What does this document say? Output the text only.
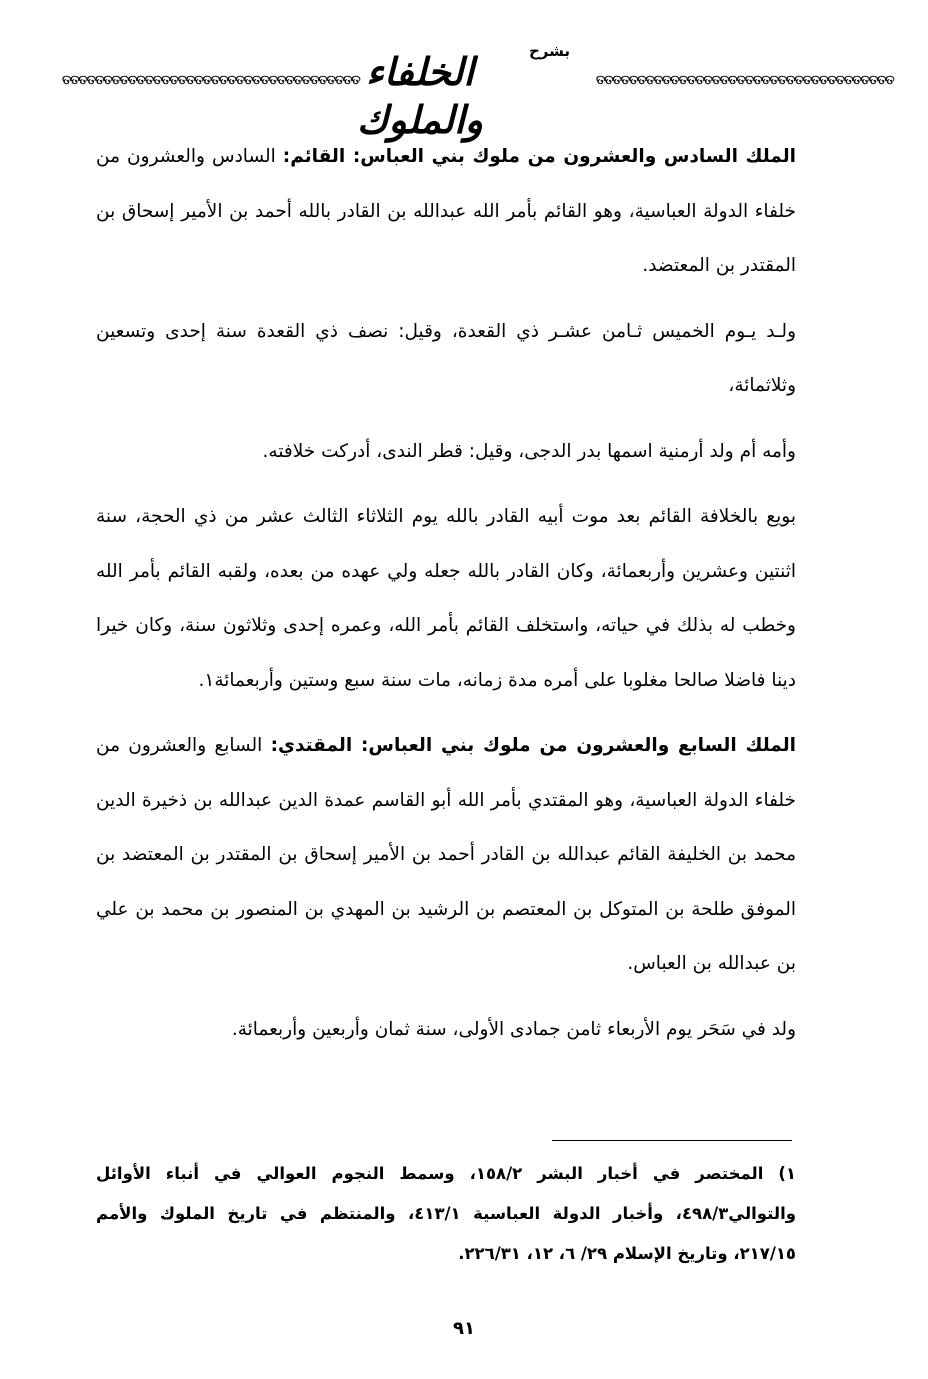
ତତତତତତତତତତତତତତତତତତତତତତତତତତତତତତତତତତତତ
بشرح
الخلفاء والملوك
ତତତତତତତତତତତତତତତତତତତତତତତତତତତତତତତତତତତତ

الملك السادس والعشرون من ملوك بني العباس: القائم: السادس والعشرون من خلفاء الدولة العباسية، وهو القائم بأمر الله عبدالله بن القادر بالله أحمد بن الأمير إسحاق بن المقتدر بن المعتضد.

ولـد يـوم الخميس ثـامن عشـر ذي القعدة، وقيل: نصف ذي القعدة سنة إحدى وتسعين وثلاثمائة،

وأمه أم ولد أرمنية اسمها بدر الدجى، وقيل: قطر الندى، أدركت خلافته.

بويع بالخلافة القائم بعد موت أبيه القادر بالله يوم الثلاثاء الثالث عشر من ذي الحجة، سنة اثنتين وعشرين وأربعمائة، وكان القادر بالله جعله ولي عهده من بعده، ولقبه القائم بأمر الله وخطب له بذلك في حياته، واستخلف القائم بأمر الله، وعمره إحدى وثلاثون سنة، وكان خيرا دينا فاضلا صالحا مغلوبا على أمره مدة زمانه، مات سنة سبع وستين وأربعمائة١.

الملك السابع والعشرون من ملوك بني العباس: المقتدي: السابع والعشرون من خلفاء الدولة العباسية، وهو المقتدي بأمر الله أبو القاسم عمدة الدين عبدالله بن ذخيرة الدين محمد بن الخليفة القائم عبدالله بن القادر أحمد بن الأمير إسحاق بن المقتدر بن المعتضد بن الموفق طلحة بن المتوكل بن المعتصم بن الرشيد بن المهدي بن المنصور بن محمد بن علي بن عبدالله بن العباس.

ولد في سَحَر يوم الأربعاء ثامن جمادى الأولى، سنة ثمان وأربعين وأربعمائة.

١) المختصر في أخبار البشر ١٥٨/٢، وسمط النجوم العوالي في أنباء الأوائل والتوالي٤٩٨/٣، وأخبار الدولة العباسية ٤١٣/١، والمنتظم في تاريخ الملوك والأمم ٢١٧/١٥، وتاريخ الإسلام ٢٩/ ٦، ١٢، ٢٢٦/٣١.
٩١
